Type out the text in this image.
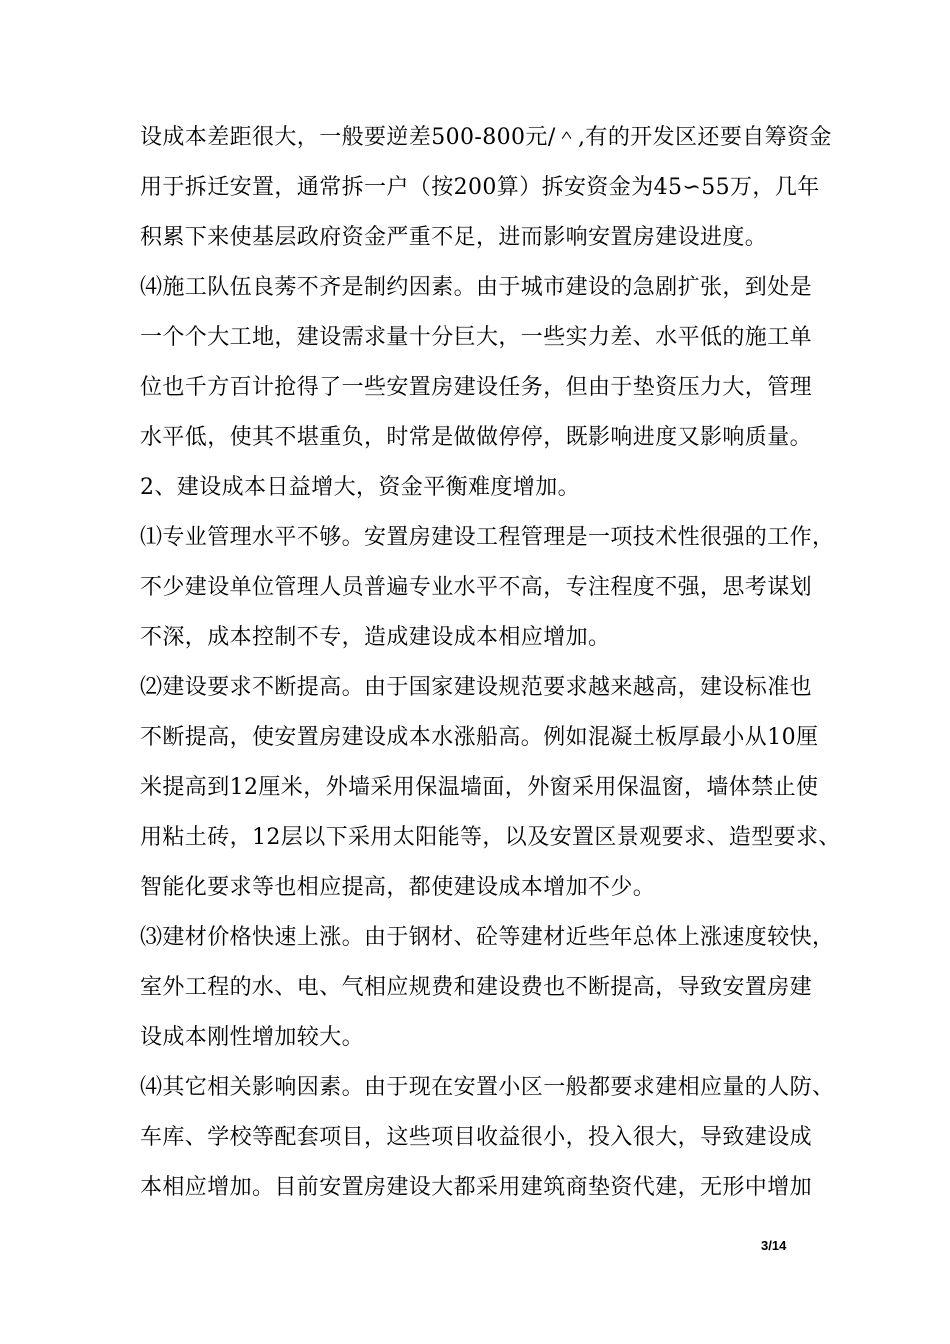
设成本差距很大，一般要逆差500-800元/＾,有的开发区还要自筹资金
用于拆迁安置，通常拆一户（按200算）拆安资金为45∽55万，几年
积累下来使基层政府资金严重不足，进而影响安置房建设进度。
⑷施工队伍良莠不齐是制约因素。由于城市建设的急剧扩张，到处是
一个个大工地，建设需求量十分巨大，一些实力差、水平低的施工单
位也千方百计抢得了一些安置房建设任务，但由于垫资压力大，管理
水平低，使其不堪重负，时常是做做停停，既影响进度又影响质量。
2、建设成本日益增大，资金平衡难度增加。
⑴专业管理水平不够。安置房建设工程管理是一项技术性很强的工作，
不少建设单位管理人员普遍专业水平不高，专注程度不强，思考谋划
不深，成本控制不专，造成建设成本相应增加。
⑵建设要求不断提高。由于国家建设规范要求越来越高，建设标准也
不断提高，使安置房建设成本水涨船高。例如混凝土板厚最小从10厘
米提高到12厘米，外墙采用保温墙面，外窗采用保温窗，墙体禁止使
用粘土砖，12层以下采用太阳能等，以及安置区景观要求、造型要求、
智能化要求等也相应提高，都使建设成本增加不少。
⑶建材价格快速上涨。由于钢材、砼等建材近些年总体上涨速度较快，
室外工程的水、电、气相应规费和建设费也不断提高，导致安置房建
设成本刚性增加较大。
⑷其它相关影响因素。由于现在安置小区一般都要求建相应量的人防、
车库、学校等配套项目，这些项目收益很小，投入很大，导致建设成
本相应增加。目前安置房建设大都采用建筑商垫资代建，无形中增加
3/14
